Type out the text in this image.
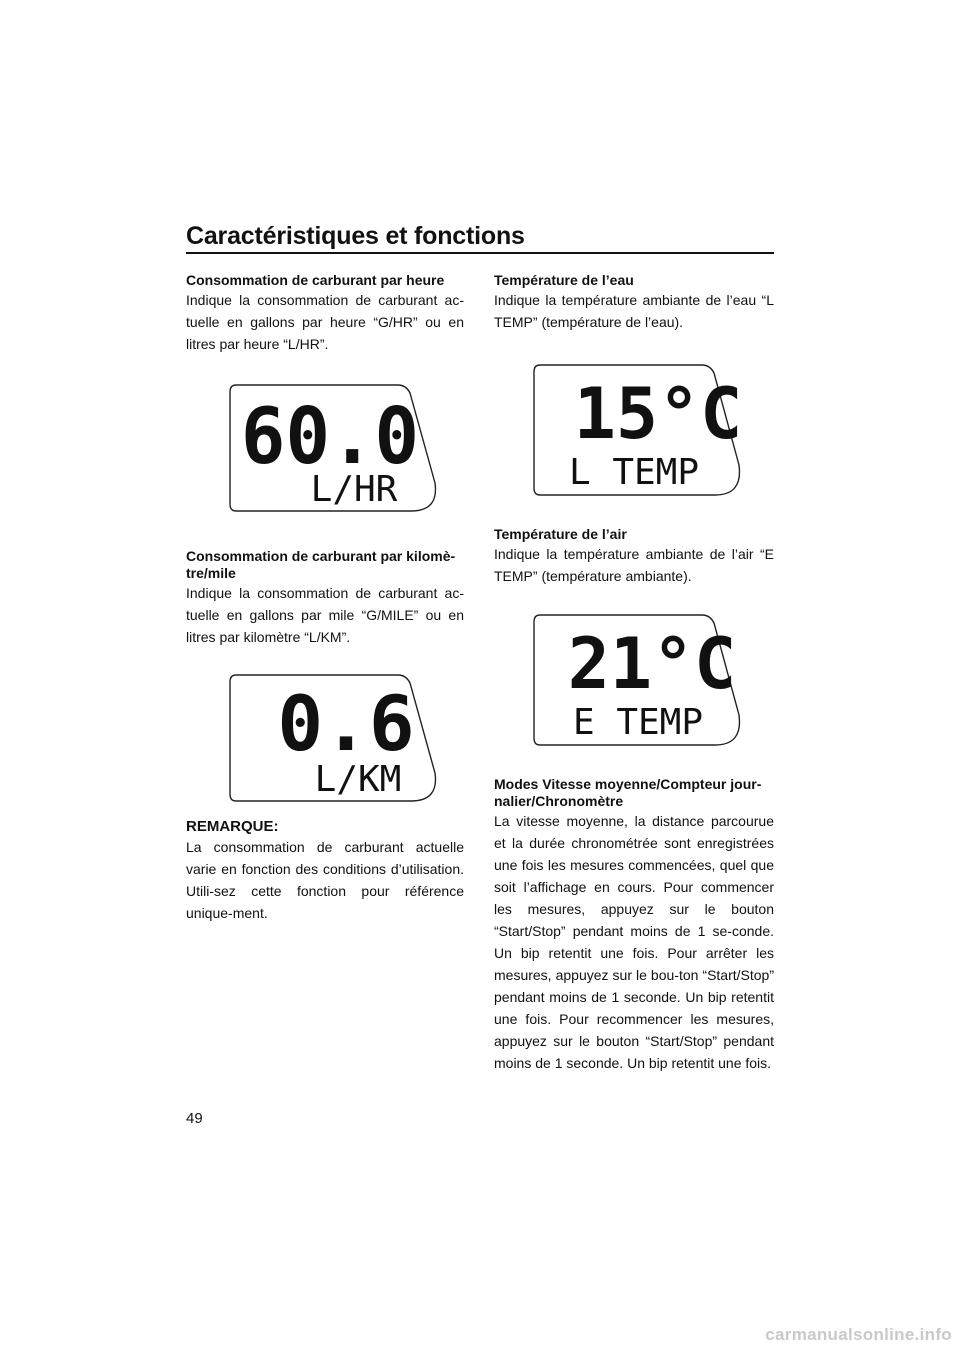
Caractéristiques et fonctions

Consommation de carburant par heure

Indique la consommation de carburant ac-tuelle en gallons par heure “G/HR” ou en litres par heure “L/HR”.

Consommation de carburant par kilomè-tre/mile

Indique la consommation de carburant ac-tuelle en gallons par mile “G/MILE” ou en litres par kilomètre “L/KM”.

REMARQUE:

La consommation de carburant actuelle varie en fonction des conditions d’utilisation. Utili-sez cette fonction pour référence unique-ment.

Température de l’eau

Indique la température ambiante de l’eau “L TEMP” (température de l’eau).

Température de l’air

Indique la température ambiante de l’air “E TEMP” (température ambiante).

Modes Vitesse moyenne/Compteur jour-nalier/Chronomètre

La vitesse moyenne, la distance parcourue et la durée chronométrée sont enregistrées une fois les mesures commencées, quel que soit l’affichage en cours. Pour commencer les mesures, appuyez sur le bouton “Start/Stop” pendant moins de 1 se-conde. Un bip retentit une fois. Pour arrêter les mesures, appuyez sur le bou-ton “Start/Stop” pendant moins de 1 seconde. Un bip retentit une fois. Pour recommencer les mesures, appuyez sur le bouton “Start/Stop” pendant moins de 1 seconde. Un bip retentit une fois.

60.0
L/HR
0.6
L/KM
15°C
L TEMP
21°C
E TEMP
49
carmanualsonline.info
